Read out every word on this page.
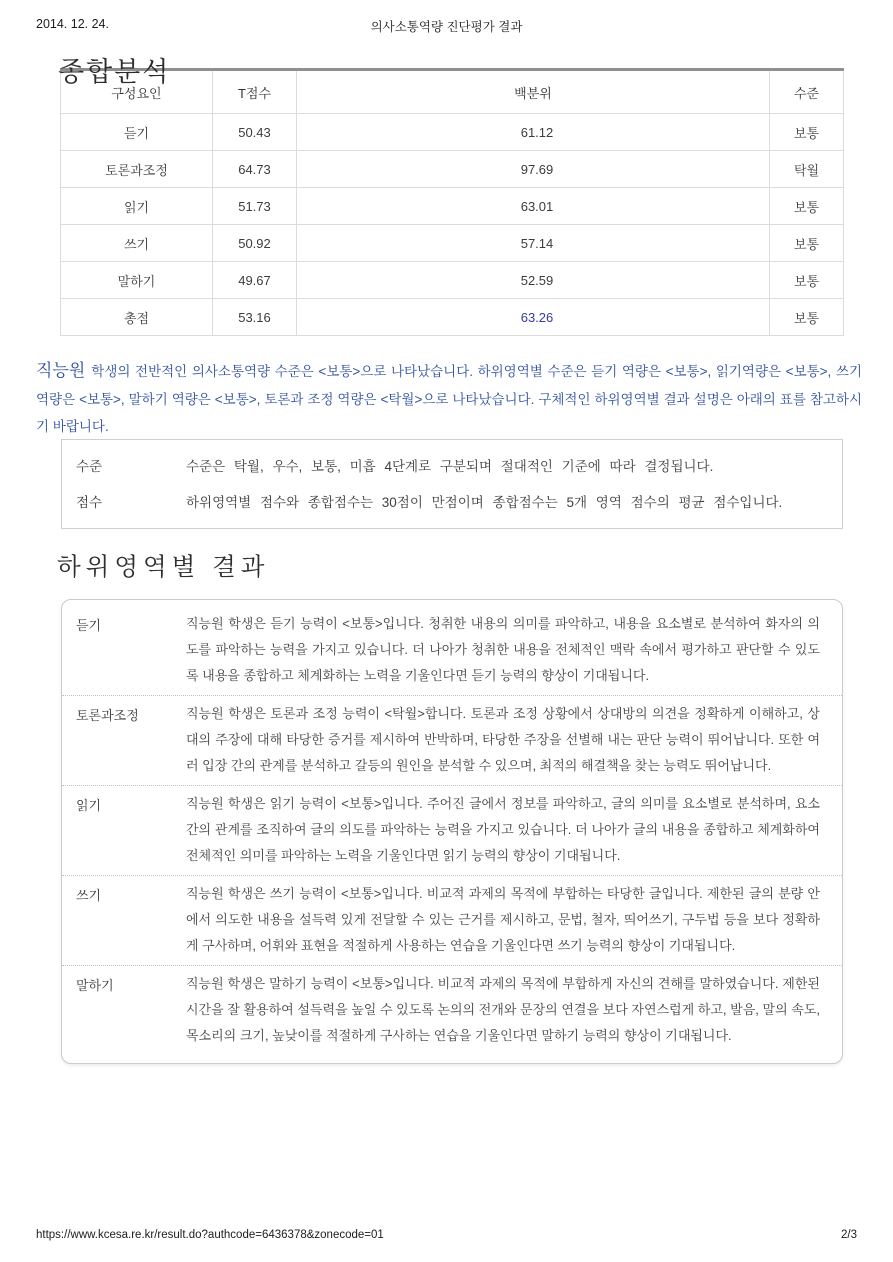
2014. 12. 24.	의사소통역량 진단평가 결과
종합분석
구성요인	T점수	백분위	수준
듣기	50.43	61.12	보통
토론과조정	64.73	97.69	탁월
읽기	51.73	63.01	보통
쓰기	50.92	57.14	보통
말하기	49.67	52.59	보통
총점	53.16	63.26	보통

직능원 학생의 전반적인 의사소통역량 수준은 <보통>으로 나타났습니다. 하위영역별 수준은 듣기 역량은 <보통>, 읽기역량은 <보통>, 쓰기역량은 <보통>, 말하기 역량은 <보통>, 토론과 조정 역량은 <탁월>으로 나타났습니다. 구체적인 하위영역별 결과 설명은 아래의 표를 참고하시기 바랍니다.

수준	수준은 탁월, 우수, 보통, 미흡 4단계로 구분되며 절대적인 기준에 따라 결정됩니다.
점수	하위영역별 점수와 종합점수는 30점이 만점이며 종합점수는 5개 영역 점수의 평균 점수입니다.
하위영역별 결과
듣기	직능원 학생은 듣기 능력이 <보통>입니다. 청취한 내용의 의미를 파악하고, 내용을 요소별로 분석하여 화자의 의도를 파악하는 능력을 가지고 있습니다. 더 나아가 청취한 내용을 전체적인 맥락 속에서 평가하고 판단할 수 있도록 내용을 종합하고 체계화하는 노력을 기울인다면 듣기 능력의 향상이 기대됩니다.
토론과조정	직능원 학생은 토론과 조정 능력이 <탁월>합니다. 토론과 조정 상황에서 상대방의 의견을 정확하게 이해하고, 상대의 주장에 대해 타당한 증거를 제시하여 반박하며, 타당한 주장을 선별해 내는 판단 능력이 뛰어납니다. 또한 여러 입장 간의 관계를 분석하고 갈등의 원인을 분석할 수 있으며, 최적의 해결책을 찾는 능력도 뛰어납니다.
읽기	직능원 학생은 읽기 능력이 <보통>입니다. 주어진 글에서 정보를 파악하고, 글의 의미를 요소별로 분석하며, 요소 간의 관계를 조직하여 글의 의도를 파악하는 능력을 가지고 있습니다. 더 나아가 글의 내용을 종합하고 체계화하여 전체적인 의미를 파악하는 노력을 기울인다면 읽기 능력의 향상이 기대됩니다.
쓰기	직능원 학생은 쓰기 능력이 <보통>입니다. 비교적 과제의 목적에 부합하는 타당한 글입니다. 제한된 글의 분량 안에서 의도한 내용을 설득력 있게 전달할 수 있는 근거를 제시하고, 문법, 철자, 띄어쓰기, 구두법 등을 보다 정확하게 구사하며, 어휘와 표현을 적절하게 사용하는 연습을 기울인다면 쓰기 능력의 향상이 기대됩니다.
말하기	직능원 학생은 말하기 능력이 <보통>입니다. 비교적 과제의 목적에 부합하게 자신의 견해를 말하였습니다. 제한된 시간을 잘 활용하여 설득력을 높일 수 있도록 논의의 전개와 문장의 연결을 보다 자연스럽게 하고, 발음, 말의 속도, 목소리의 크기, 높낮이를 적절하게 구사하는 연습을 기울인다면 말하기 능력의 향상이 기대됩니다.
https://www.kcesa.re.kr/result.do?authcode=6436378&zonecode=01	2/3
